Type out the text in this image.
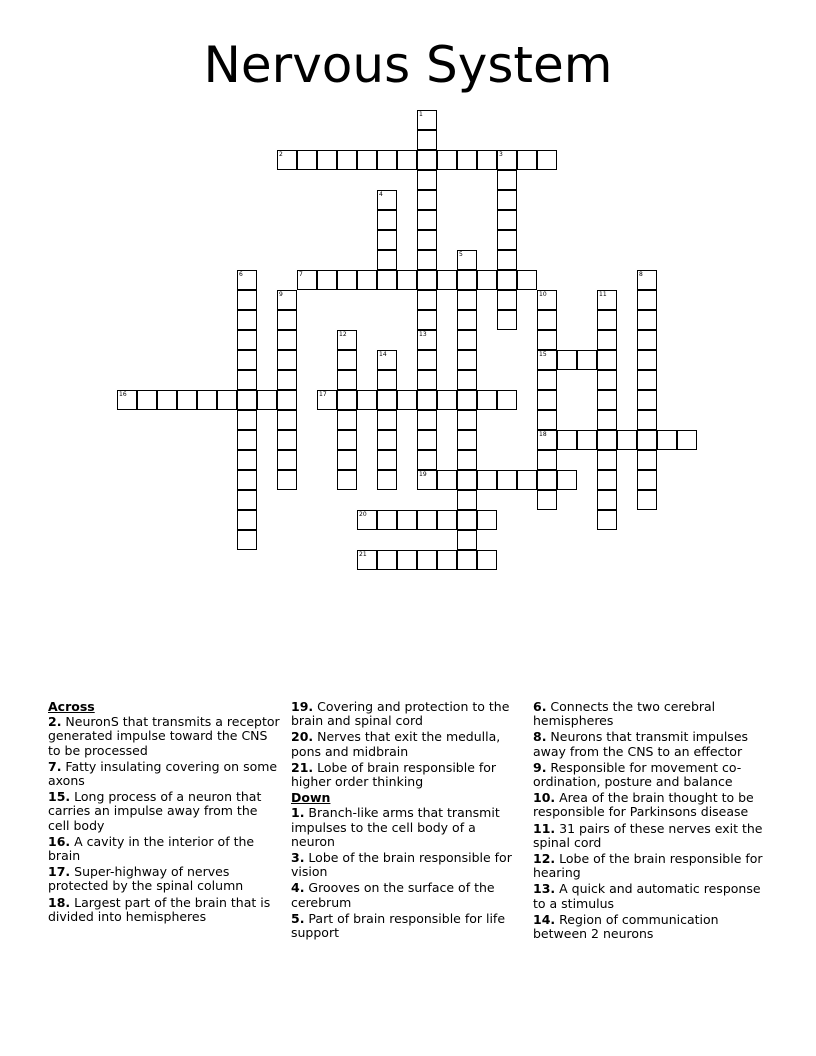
Nervous System
1
13
19
2	3
4
5
6	7	8
9	10
15
18
11
12
14
16	17
20
21
Across
2. NeuronS that transmits a receptor generated impulse toward the CNS to be processed
7. Fatty insulating covering on some axons
15. Long process of a neuron that carries an impulse away from the cell body
16. A cavity in the interior of the brain
17. Super-highway of nerves protected by the spinal column
18. Largest part of the brain that is divided into hemispheres
19. Covering and protection to the brain and spinal cord
20. Nerves that exit the medulla, pons and midbrain
21. Lobe of brain responsible for higher order thinking
Down
1. Branch-like arms that transmit impulses to the cell body of a neuron
3. Lobe of the brain responsible for vision
4. Grooves on the surface of the cerebrum
5. Part of brain responsible for life support
6. Connects the two cerebral hemispheres
8. Neurons that transmit impulses away from the CNS to an effector
9. Responsible for movement co-ordination, posture and balance
10. Area of the brain thought to be responsible for Parkinsons disease
11. 31 pairs of these nerves exit the spinal cord
12. Lobe of the brain responsible for hearing
13. A quick and automatic response to a stimulus
14. Region of communication between 2 neurons
